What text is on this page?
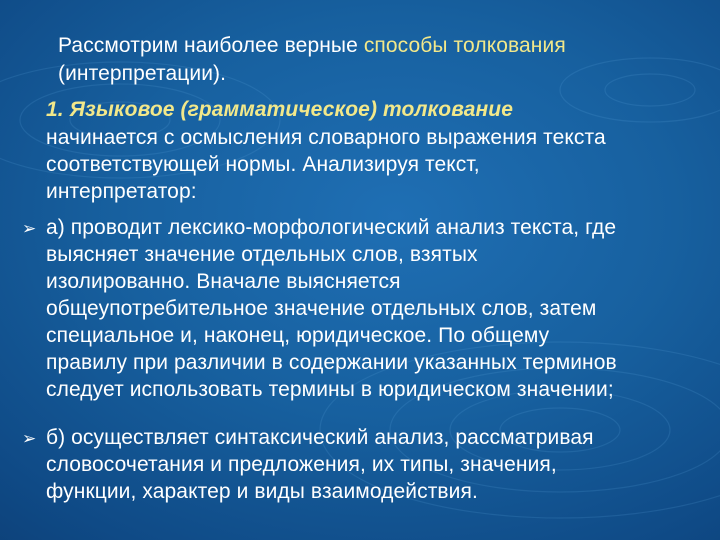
Рассмотрим наиболее верные способы толкования
(интерпретации).
1. Языковое (грамматическое) толкование
начинается с осмысления словарного выражения текста
соответствующей нормы. Анализируя текст,
интерпретатор:
➢ а) проводит лексико-морфологический анализ текста, где
выясняет значение отдельных слов, взятых
изолированно. Вначале выясняется
общеупотребительное значение отдельных слов, затем
специальное и, наконец, юридическое. По общему
правилу при различии в содержании указанных терминов
следует использовать термины в юридическом значении;
➢ б) осуществляет синтаксический анализ, рассматривая
словосочетания и предложения, их типы, значения,
функции, характер и виды взаимодействия.
